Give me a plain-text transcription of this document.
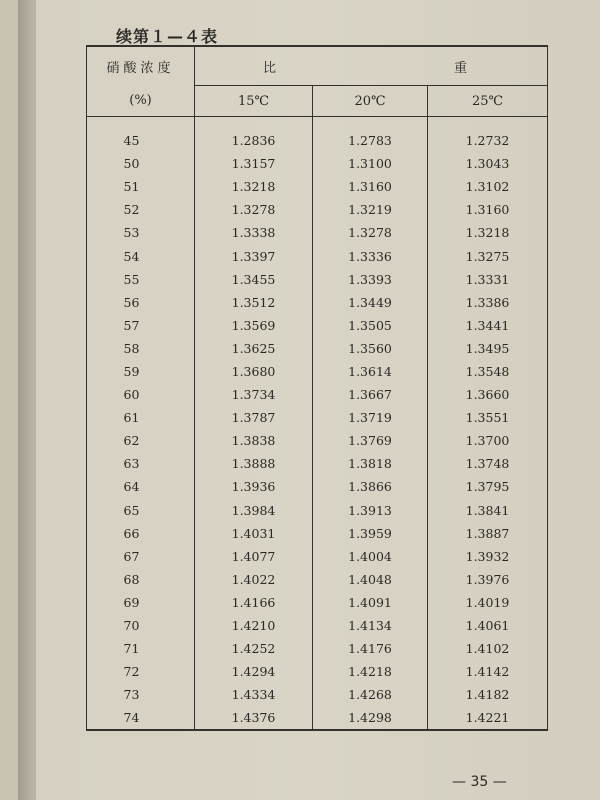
续第１—４表
硝酸浓度	比 重		

(%)	15℃	20℃	25℃
45	1.2836	1.2783	1.2732
50	1.3157	1.3100	1.3043
51	1.3218	1.3160	1.3102
52	1.3278	1.3219	1.3160
53	1.3338	1.3278	1.3218
54	1.3397	1.3336	1.3275
55	1.3455	1.3393	1.3331
56	1.3512	1.3449	1.3386
57	1.3569	1.3505	1.3441
58	1.3625	1.3560	1.3495
59	1.3680	1.3614	1.3548
60	1.3734	1.3667	1.3660
61	1.3787	1.3719	1.3551
62	1.3838	1.3769	1.3700
63	1.3888	1.3818	1.3748
64	1.3936	1.3866	1.3795
65	1.3984	1.3913	1.3841
66	1.4031	1.3959	1.3887
67	1.4077	1.4004	1.3932
68	1.4022	1.4048	1.3976
69	1.4166	1.4091	1.4019
70	1.4210	1.4134	1.4061
71	1.4252	1.4176	1.4102
72	1.4294	1.4218	1.4142
73	1.4334	1.4268	1.4182
74	1.4376	1.4298	1.4221
— 35 —
